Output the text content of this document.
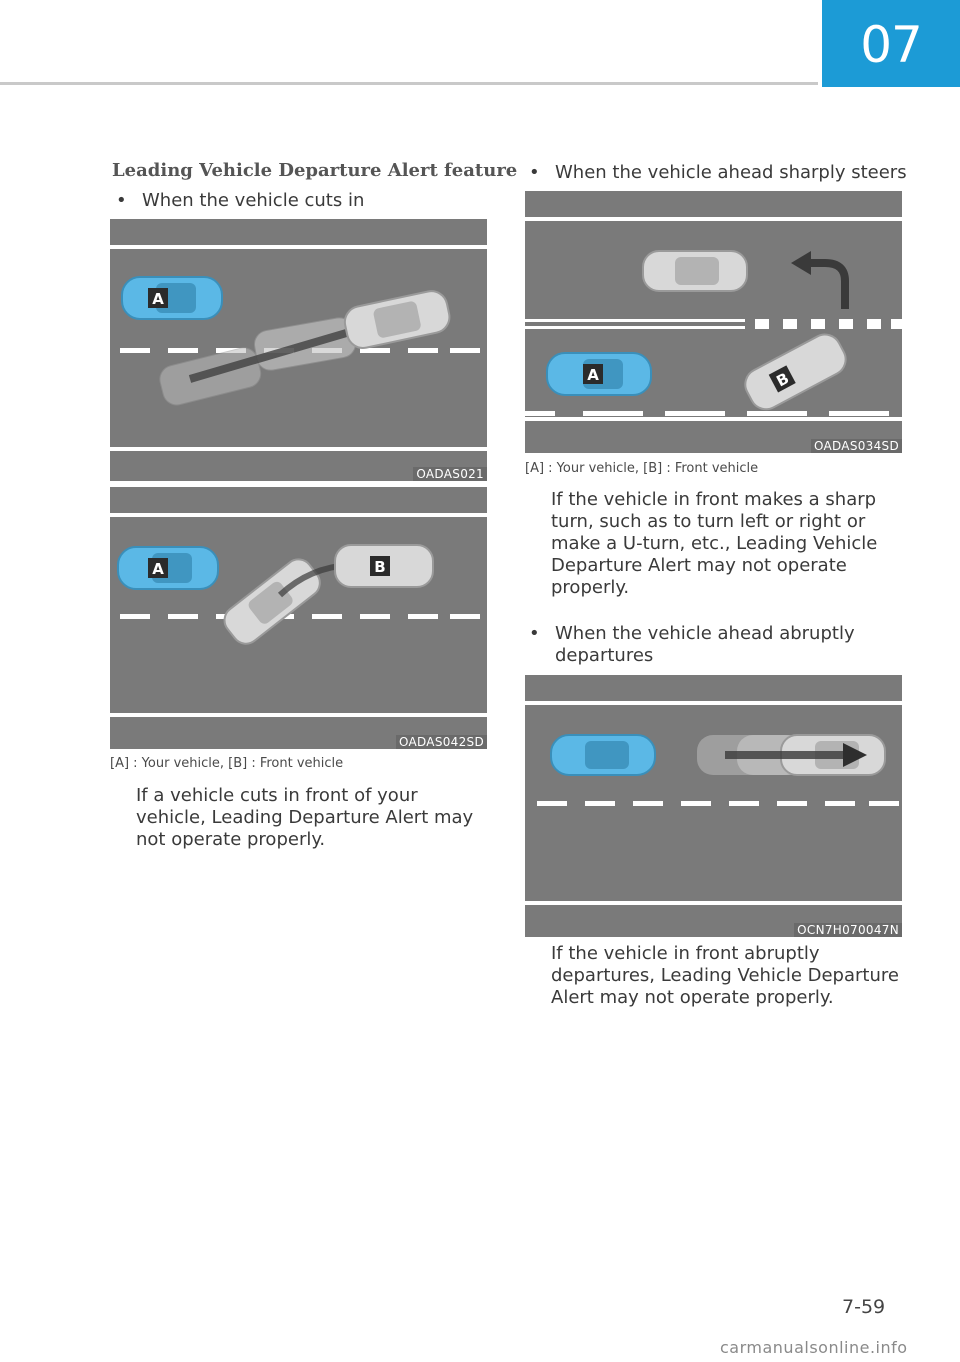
07
Leading Vehicle Departure Alert feature
• When the vehicle cuts in
A
OADAS021
A	B
OADAS042SD
[A] : Your vehicle, [B] : Front vehicle
If a vehicle cuts in front of your
vehicle, Leading Departure Alert may
not operate properly.
• When the vehicle ahead sharply steers
A	B
OADAS034SD
[A] : Your vehicle, [B] : Front vehicle
If the vehicle in front makes a sharp
turn, such as to turn left or right or
make a U-turn, etc., Leading Vehicle
Departure Alert may not operate
properly.
• When the vehicle ahead abruptly
departures
OCN7H070047N
If the vehicle in front abruptly
departures, Leading Vehicle Departure
Alert may not operate properly.
7-59
carmanualsonline.info
